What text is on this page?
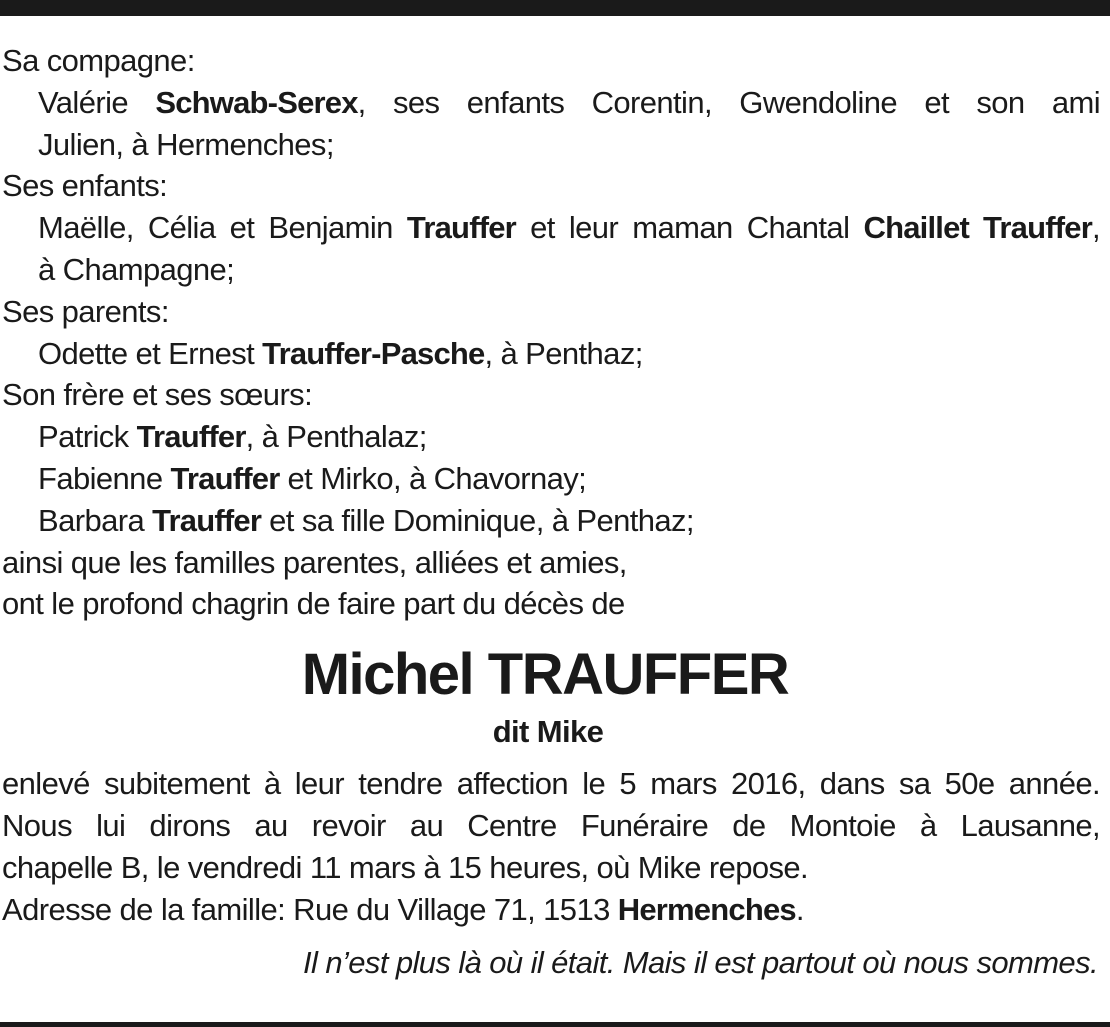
Sa compagne:
Valérie Schwab-Serex, ses enfants Corentin, Gwendoline et son ami
Julien, à Hermenches;
Ses enfants:
Maëlle, Célia et Benjamin Trauffer et leur maman Chantal Chaillet Trauffer,
à Champagne;
Ses parents:
Odette et Ernest Trauffer-Pasche, à Penthaz;
Son frère et ses sœurs:
Patrick Trauffer, à Penthalaz;
Fabienne Trauffer et Mirko, à Chavornay;
Barbara Trauffer et sa fille Dominique, à Penthaz;
ainsi que les familles parentes, alliées et amies,
ont le profond chagrin de faire part du décès de
Michel TRAUFFER
dit Mike
enlevé subitement à leur tendre affection le 5 mars 2016, dans sa 50e année.
Nous lui dirons au revoir au Centre Funéraire de Montoie à Lausanne,
chapelle B, le vendredi 11 mars à 15 heures, où Mike repose.
Adresse de la famille: Rue du Village 71, 1513 Hermenches.
Il n’est plus là où il était. Mais il est partout où nous sommes.
